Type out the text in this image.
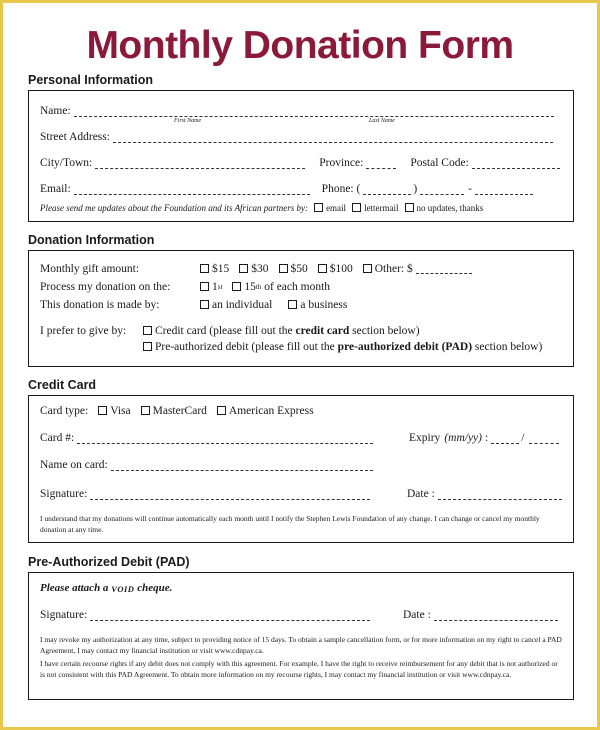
Monthly Donation Form
Personal Information
Name:
First Name	Last Name
Street Address:
City/Town:	Province:	Postal Code:
Email:	Phone: (	)	-
Please send me updates about the Foundation and its African partners by: email lettermail no updates, thanks
Donation Information
Monthly gift amount:	$15 $30 $50 $100 Other: $
Process my donation on the:	1 st 15 th of each month
This donation is made by:	an individual a business
I prefer to give by:	Credit card (please fill out the credit card section below)
Pre-authorized debit (please fill out the pre-authorized debit (PAD) section below)
Credit Card
Card type: Visa MasterCard American Express
Card #:	Expiry (mm/yy) :	/
Name on card:
Signature:	Date :
I understand that my donations will continue automatically each month until I notify the Stephen Lewis Foundation of any change. I can change or cancel my monthly donation at any time.
Pre-Authorized Debit (PAD)
Please attach a VOID cheque.
Signature:	Date :
I may revoke my authorization at any time, subject to providing notice of 15 days. To obtain a sample cancellation form, or for more information on my right to cancel a PAD Agreement, I may contact my financial institution or visit www.cdnpay.ca.
I have certain recourse rights if any debit does not comply with this agreement. For example, I have the right to receive reimbursement for any debit that is not authorized or is not consistent with this PAD Agreement. To obtain more information on my recourse rights, I may contact my financial institution or visit www.cdnpay.ca.
